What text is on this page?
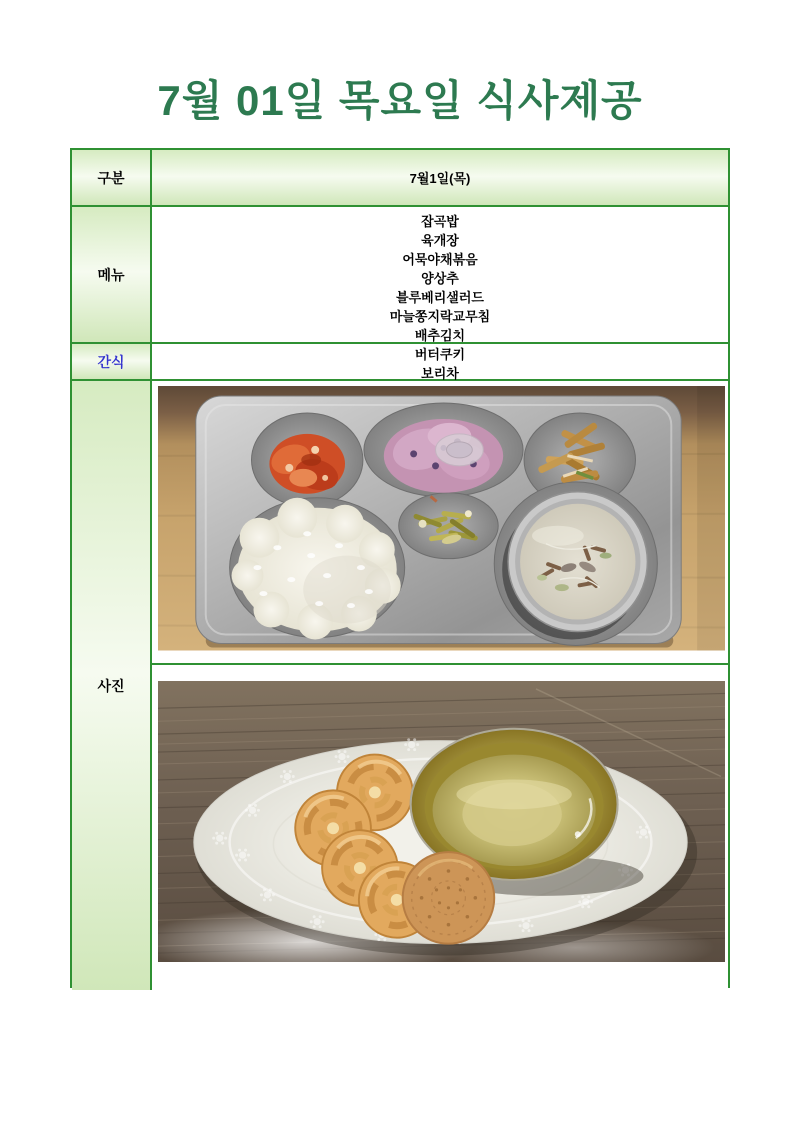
7월 01일 목요일 식사제공
구분	7월1일(목)
메뉴
잡곡밥
육개장
어묵야채볶음
양상추
블루베리샐러드
마늘쫑지락교무침
배추김치
간식	버터쿠키
보리차
사진
